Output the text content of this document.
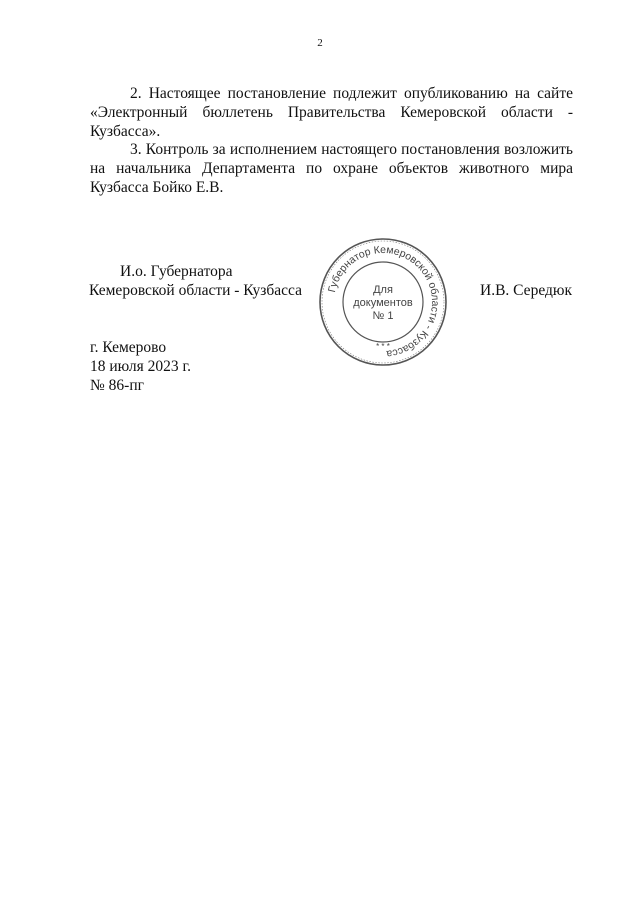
2

2. Настоящее постановление подлежит опубликованию на сайте «Электронный бюллетень Правительства Кемеровской области - Кузбасса».

3. Контроль за исполнением настоящего постановления возложить на начальника Департамента по охране объектов животного мира Кузбасса Бойко Е.В.

И.о. Губернатора
Кемеровской области - Кузбасса	И.В. Середюк
Губернатор Кемеровской области - Кузбасса
Для
документов
№ 1
* * *
г. Кемерово
18 июля 2023 г.
№ 86-пг
